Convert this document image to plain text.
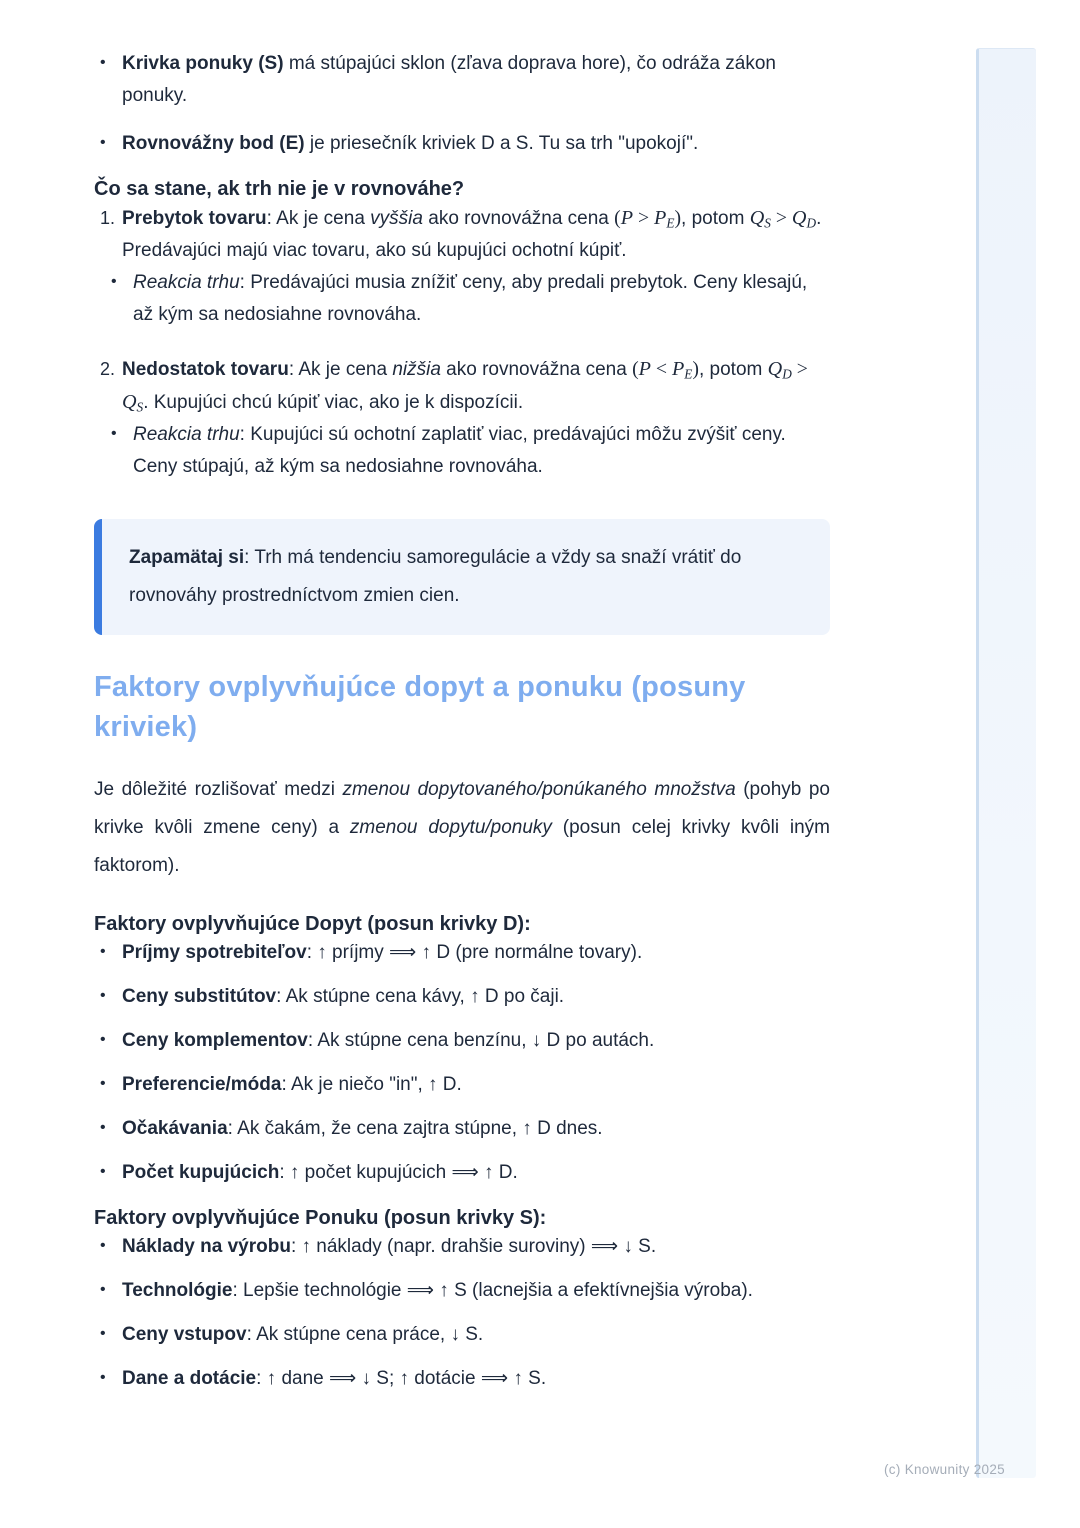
• Krivka ponuky (S) má stúpajúci sklon (zľava doprava hore), čo odráža zákon ponuky.
• Rovnovážny bod (E) je priesečník kriviek D a S. Tu sa trh "upokojí".
Čo sa stane, ak trh nie je v rovnováhe?
1. Prebytok tovaru: Ak je cena vyššia ako rovnovážna cena $(P > P_E)$, potom $Q_S > Q_D$. Predávajúci majú viac tovaru, ako sú kupujúci ochotní kúpiť.
• Reakcia trhu: Predávajúci musia znížiť ceny, aby predali prebytok. Ceny klesajú, až kým sa nedosiahne rovnováha.
2. Nedostatok tovaru: Ak je cena nižšia ako rovnovážna cena $(P < P_E)$, potom $Q_D > Q_S$. Kupujúci chcú kúpiť viac, ako je k dispozícii.
• Reakcia trhu: Kupujúci sú ochotní zaplatiť viac, predávajúci môžu zvýšiť ceny. Ceny stúpajú, až kým sa nedosiahne rovnováha.
Zapamätaj si: Trh má tendenciu samoregulácie a vždy sa snaží vrátiť do rovnováhy prostredníctvom zmien cien.
Faktory ovplyvňujúce dopyt a ponuku (posuny kriviek)

Je dôležité rozlišovať medzi zmenou dopytovaného/ponúkaného množstva (pohyb po krivke kvôli zmene ceny) a zmenou dopytu/ponuky (posun celej krivky kvôli iným faktorom).

Faktory ovplyvňujúce Dopyt (posun krivky D):
• Príjmy spotrebiteľov: ↑ príjmy ⟹ ↑ D (pre normálne tovary).
• Ceny substitútov: Ak stúpne cena kávy, ↑ D po čaji.
• Ceny komplementov: Ak stúpne cena benzínu, ↓ D po autách.
• Preferencie/móda: Ak je niečo "in", ↑ D.
• Očakávania: Ak čakám, že cena zajtra stúpne, ↑ D dnes.
• Počet kupujúcich: ↑ počet kupujúcich ⟹ ↑ D.
Faktory ovplyvňujúce Ponuku (posun krivky S):
• Náklady na výrobu: ↑ náklady (napr. drahšie suroviny) ⟹ ↓ S.
• Technológie: Lepšie technológie ⟹ ↑ S (lacnejšia a efektívnejšia výroba).
• Ceny vstupov: Ak stúpne cena práce, ↓ S.
• Dane a dotácie: ↑ dane ⟹ ↓ S; ↑ dotácie ⟹ ↑ S.
(c) Knowunity 2025
